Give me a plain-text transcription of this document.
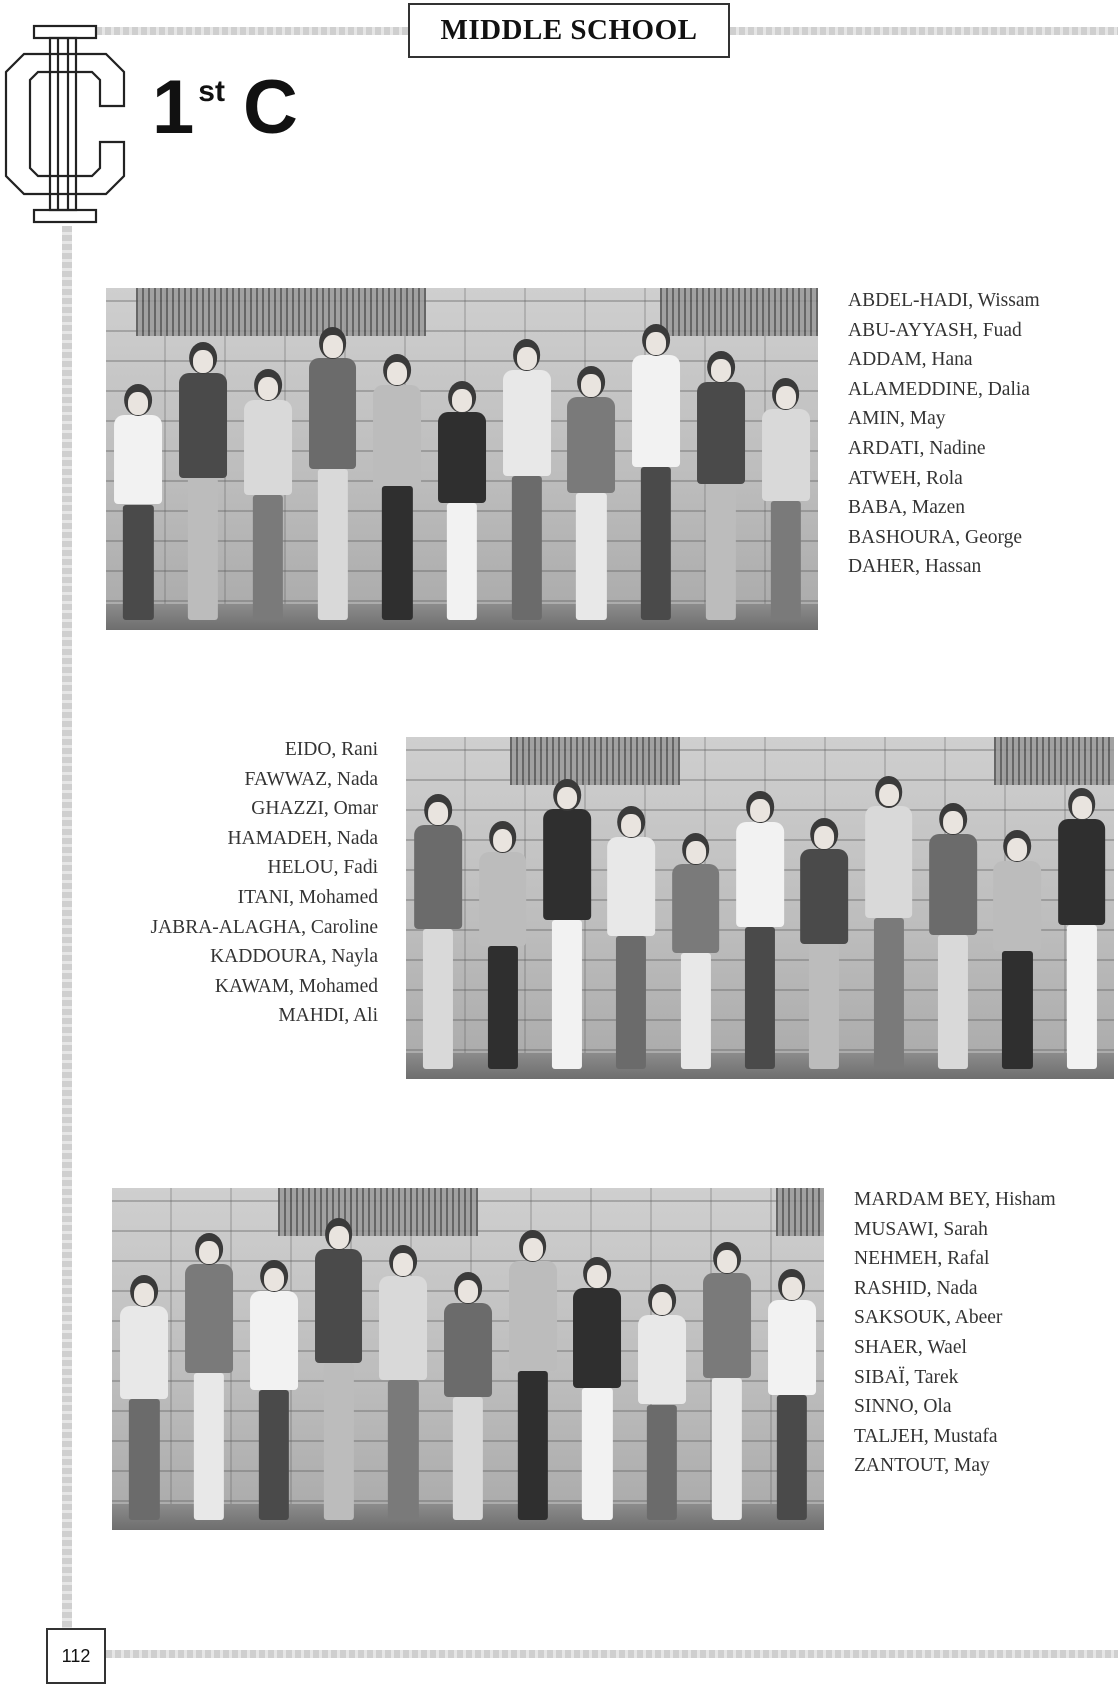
MIDDLE SCHOOL
1 st C
ABDEL-HADI, Wissam
ABU-AYYASH, Fuad
ADDAM, Hana
ALAMEDDINE, Dalia
AMIN, May
ARDATI, Nadine
ATWEH, Rola
BABA, Mazen
BASHOURA, George
DAHER, Hassan
EIDO, Rani
FAWWAZ, Nada
GHAZZI, Omar
HAMADEH, Nada
HELOU, Fadi
ITANI, Mohamed
JABRA-ALAGHA, Caroline
KADDOURA, Nayla
KAWAM, Mohamed
MAHDI, Ali
MARDAM BEY, Hisham
MUSAWI, Sarah
NEHMEH, Rafal
RASHID, Nada
SAKSOUK, Abeer
SHAER, Wael
SIBAÏ, Tarek
SINNO, Ola
TALJEH, Mustafa
ZANTOUT, May
112
